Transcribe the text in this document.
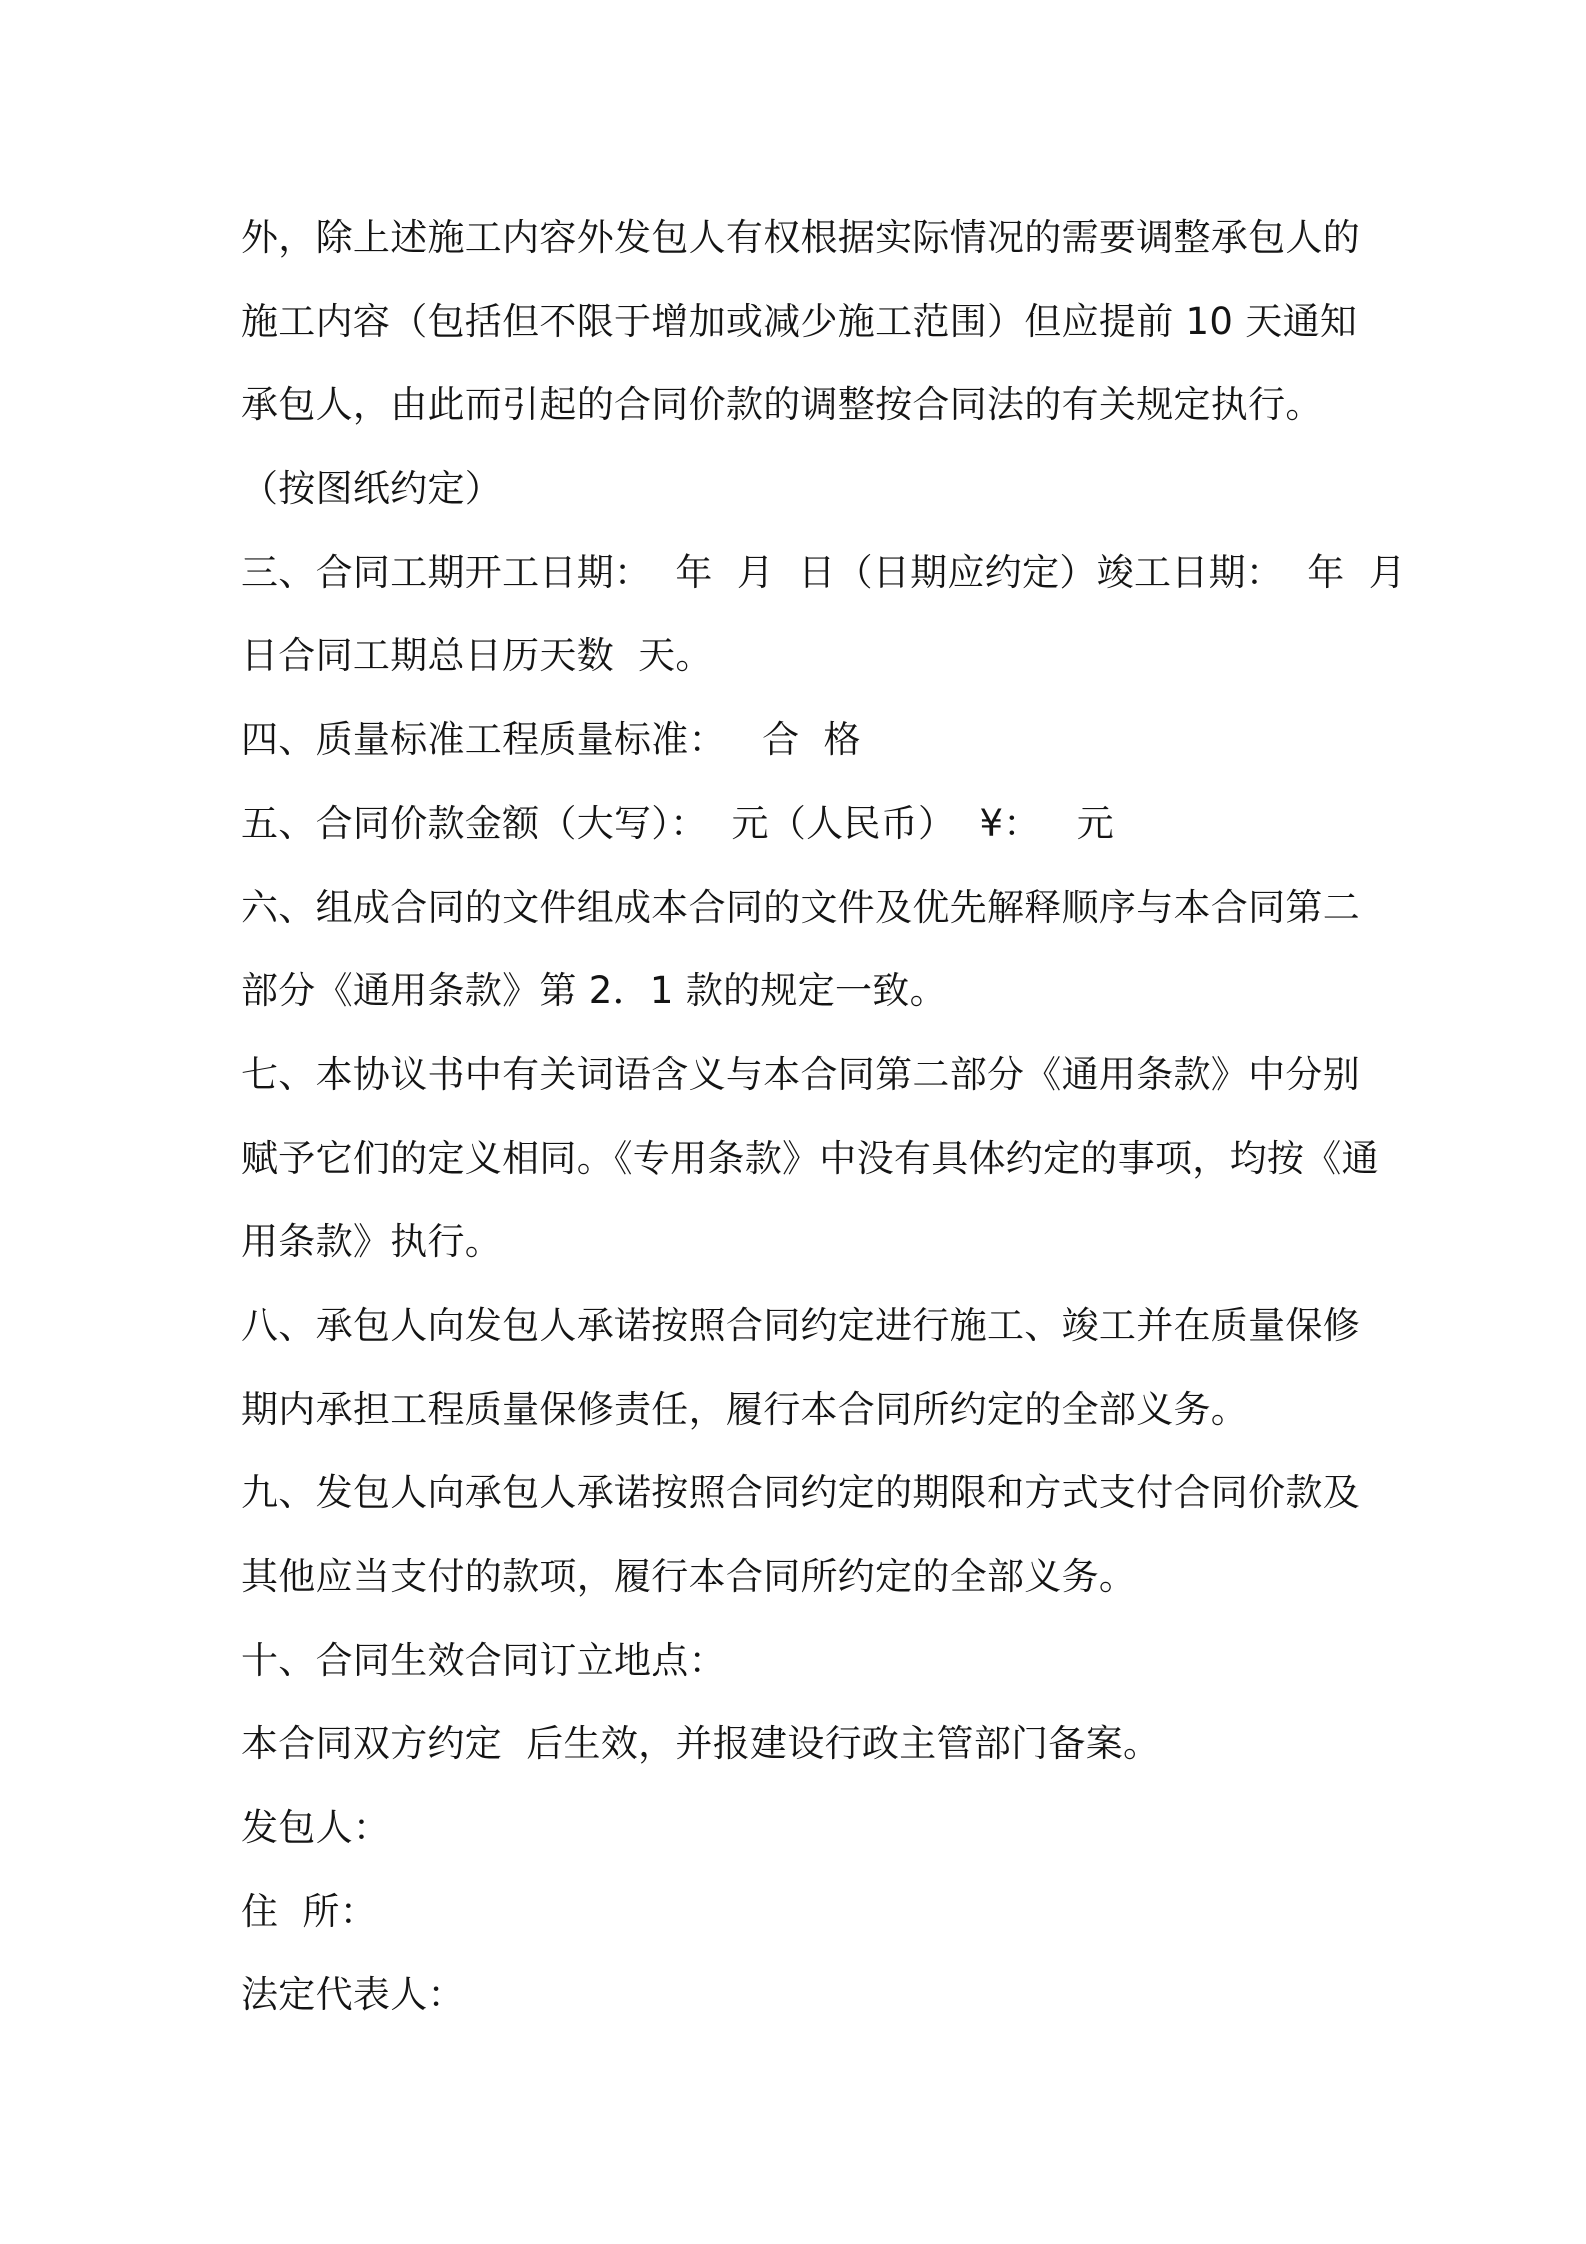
外，除上述施工内容外发包人有权根据实际情况的需要调整承包人的
施工内容（包括但不限于增加或减少施工范围）但应提前 10 天通知
承包人，由此而引起的合同价款的调整按合同法的有关规定执行。
（按图纸约定）
三、合同工期开工日期：  年  月  日（日期应约定）竣工日期：  年  月
日合同工期总日历天数  天。
四、质量标准工程质量标准：   合  格
五、合同价款金额（大写）：  元（人民币）  ¥：   元
六、组成合同的文件组成本合同的文件及优先解释顺序与本合同第二
部分《通用条款》第 2．1 款的规定一致。
七、本协议书中有关词语含义与本合同第二部分《通用条款》中分别
赋予它们的定义相同。《专用条款》中没有具体约定的事项，均按《通
用条款》执行。
八、承包人向发包人承诺按照合同约定进行施工、竣工并在质量保修
期内承担工程质量保修责任，履行本合同所约定的全部义务。
九、发包人向承包人承诺按照合同约定的期限和方式支付合同价款及
其他应当支付的款项，履行本合同所约定的全部义务。
十、合同生效合同订立地点：
本合同双方约定  后生效，并报建设行政主管部门备案。
发包人：
住  所：
法定代表人：
